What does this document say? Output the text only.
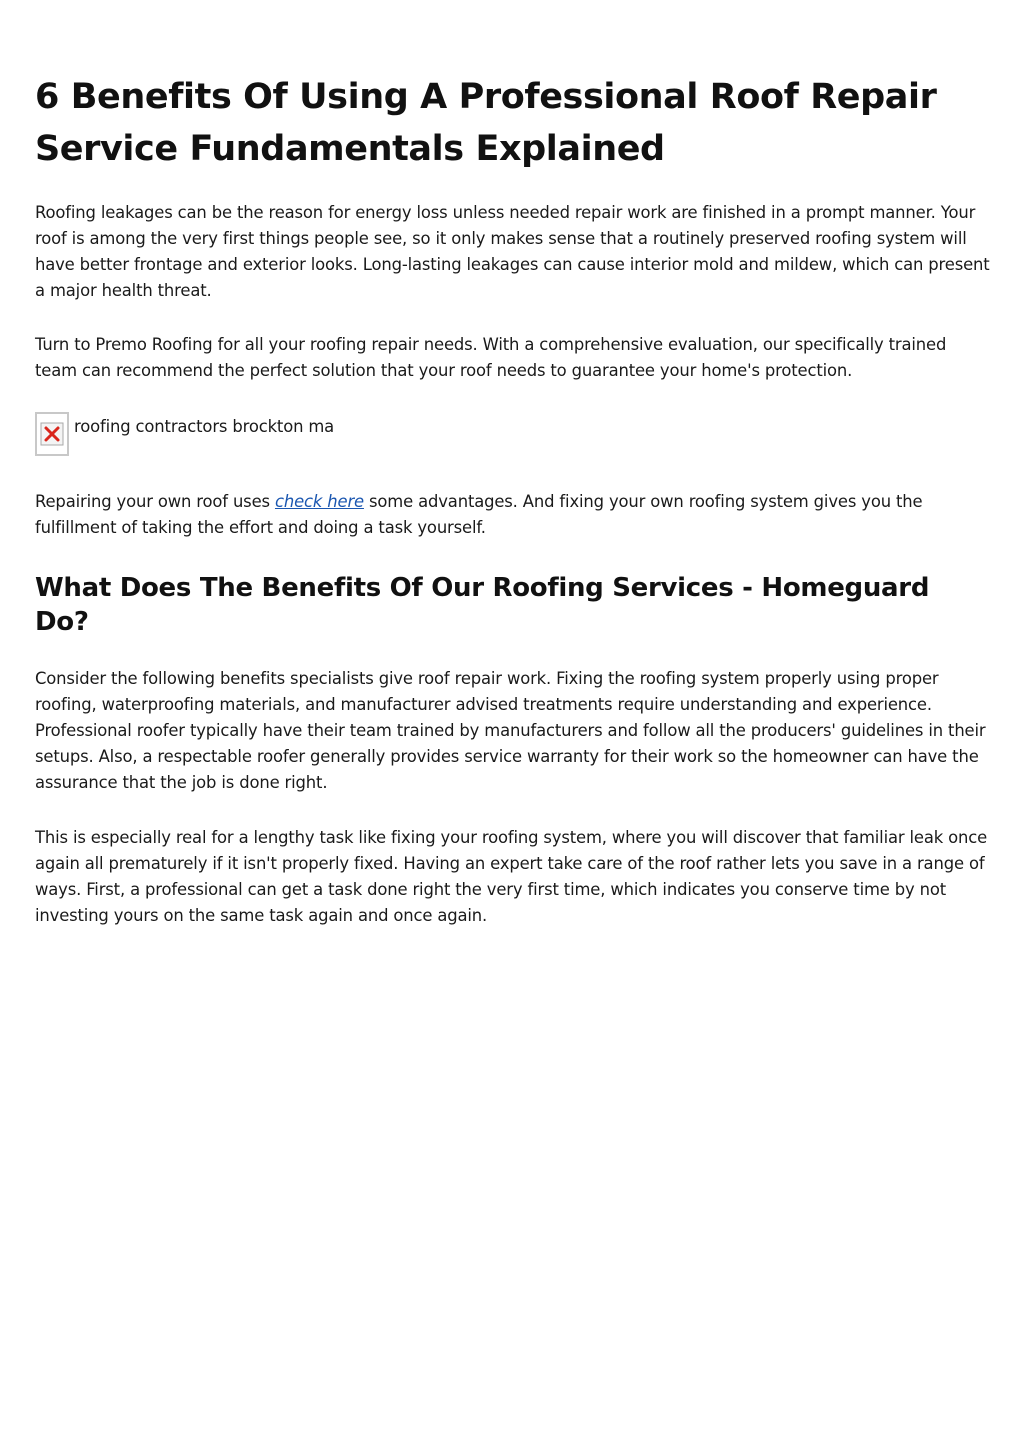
6 Benefits Of Using A Professional Roof Repair Service Fundamentals Explained

Roofing leakages can be the reason for energy loss unless needed repair work are finished in a prompt manner. Your roof is among the very first things people see, so it only makes sense that a routinely preserved roofing system will have better frontage and exterior looks. Long-lasting leakages can cause interior mold and mildew, which can present a major health threat.

Turn to Premo Roofing for all your roofing repair needs. With a comprehensive evaluation, our specifically trained team can recommend the perfect solution that your roof needs to guarantee your home's protection.

roofing contractors brockton ma

Repairing your own roof uses check here some advantages. And fixing your own roofing system gives you the fulfillment of taking the effort and doing a task yourself.

What Does The Benefits Of Our Roofing Services - Homeguard Do?

Consider the following benefits specialists give roof repair work. Fixing the roofing system properly using proper roofing, waterproofing materials, and manufacturer advised treatments require understanding and experience. Professional roofer typically have their team trained by manufacturers and follow all the producers' guidelines in their setups. Also, a respectable roofer generally provides service warranty for their work so the homeowner can have the assurance that the job is done right.

This is especially real for a lengthy task like fixing your roofing system, where you will discover that familiar leak once again all prematurely if it isn't properly fixed. Having an expert take care of the roof rather lets you save in a range of ways. First, a professional can get a task done right the very first time, which indicates you conserve time by not investing yours on the same task again and once again.
